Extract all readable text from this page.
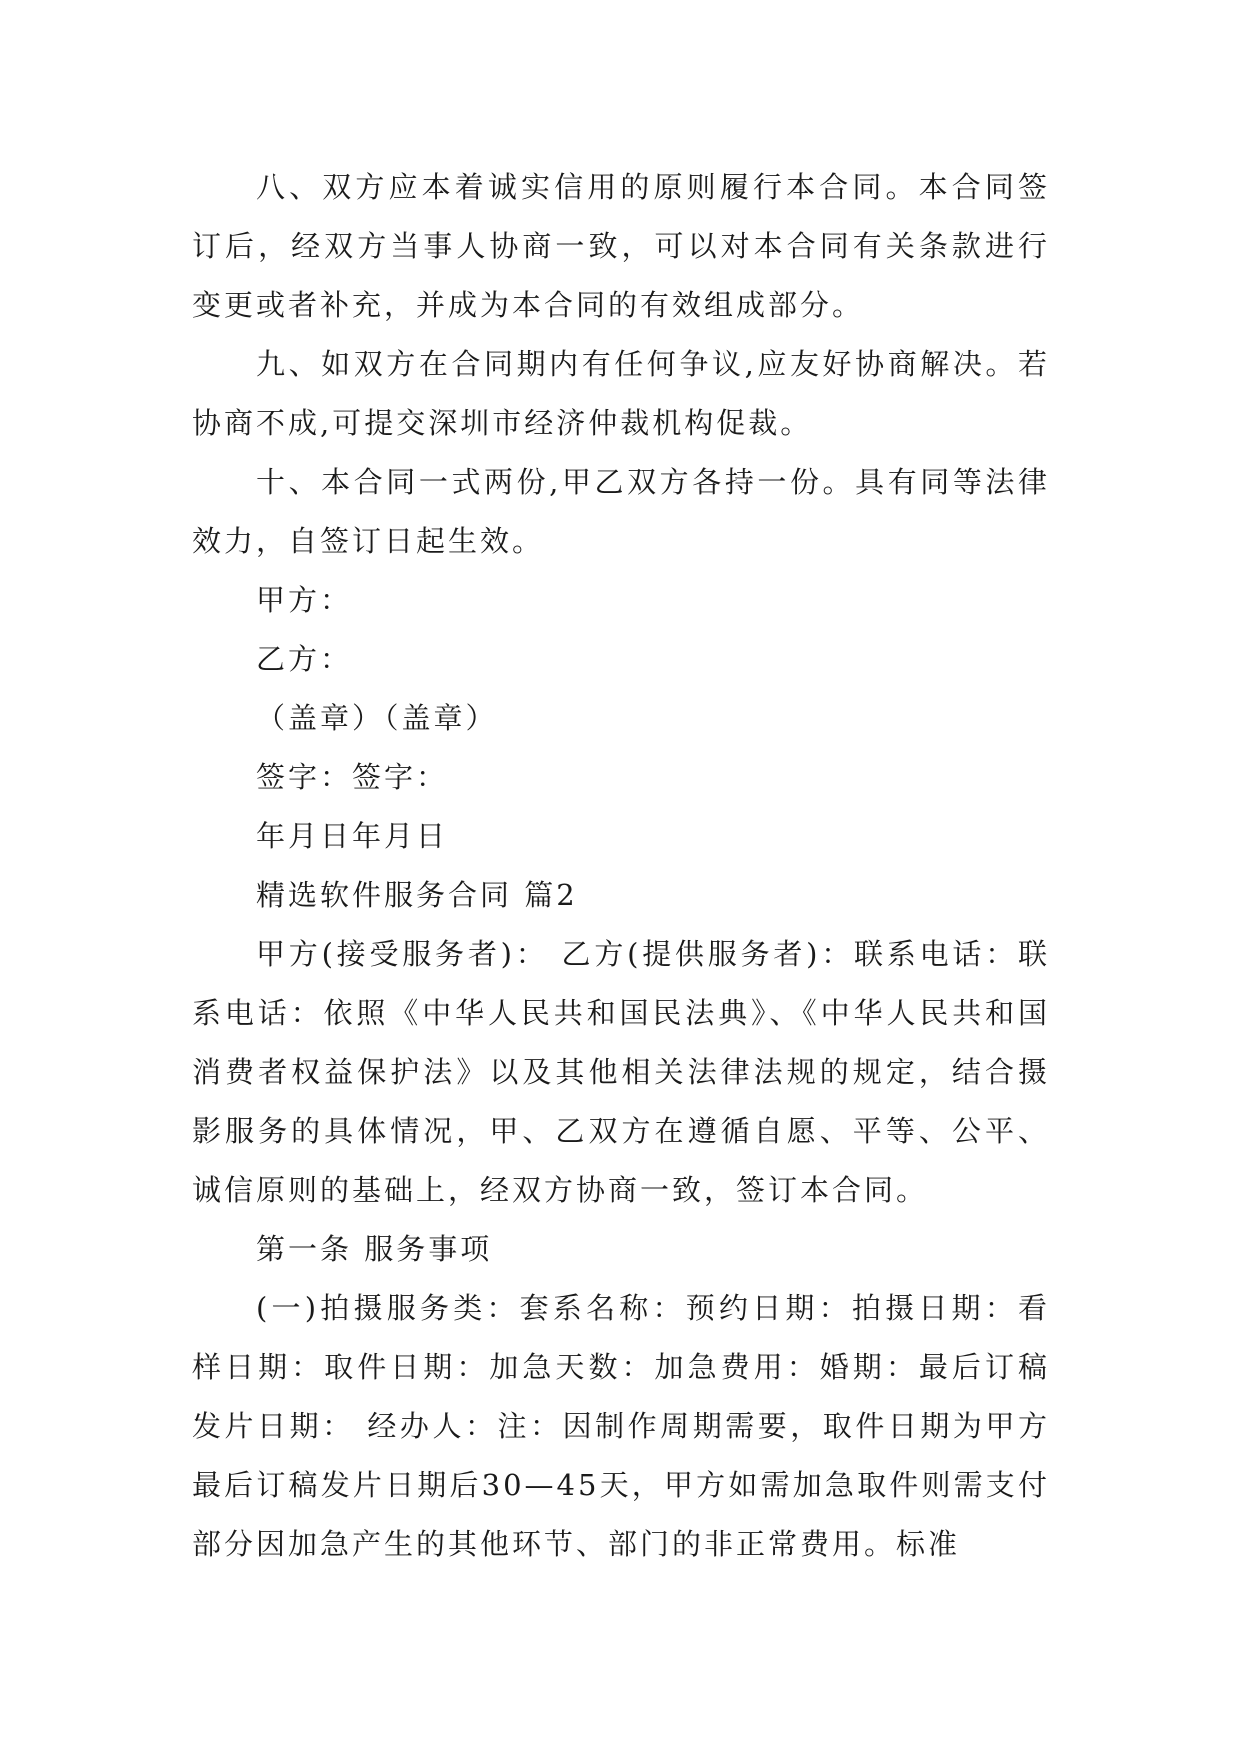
八、双方应本着诚实信用的原则履行本合同。本合同签订后，经双方当事人协商一致，可以对本合同有关条款进行变更或者补充，并成为本合同的有效组成部分。

九、如双方在合同期内有任何争议,应友好协商解决。若协商不成,可提交深圳市经济仲裁机构促裁。

十、本合同一式两份,甲乙双方各持一份。具有同等法律效力，自签订日起生效。

甲方：

乙方：

（盖章）（盖章）

签字：签字：

年月日年月日

精选软件服务合同 篇2

甲方(接受服务者)： 乙方(提供服务者)：联系电话：联系电话：依照《中华人民共和国民法典》、《中华人民共和国消费者权益保护法》以及其他相关法律法规的规定，结合摄影服务的具体情况，甲、乙双方在遵循自愿、平等、公平、诚信原则的基础上，经双方协商一致，签订本合同。

第一条 服务事项

(一)拍摄服务类：套系名称：预约日期：拍摄日期：看样日期：取件日期：加急天数：加急费用：婚期：最后订稿发片日期： 经办人：注：因制作周期需要，取件日期为甲方最后订稿发片日期后30—45天，甲方如需加急取件则需支付部分因加急产生的其他环节、部门的非正常费用。标准
